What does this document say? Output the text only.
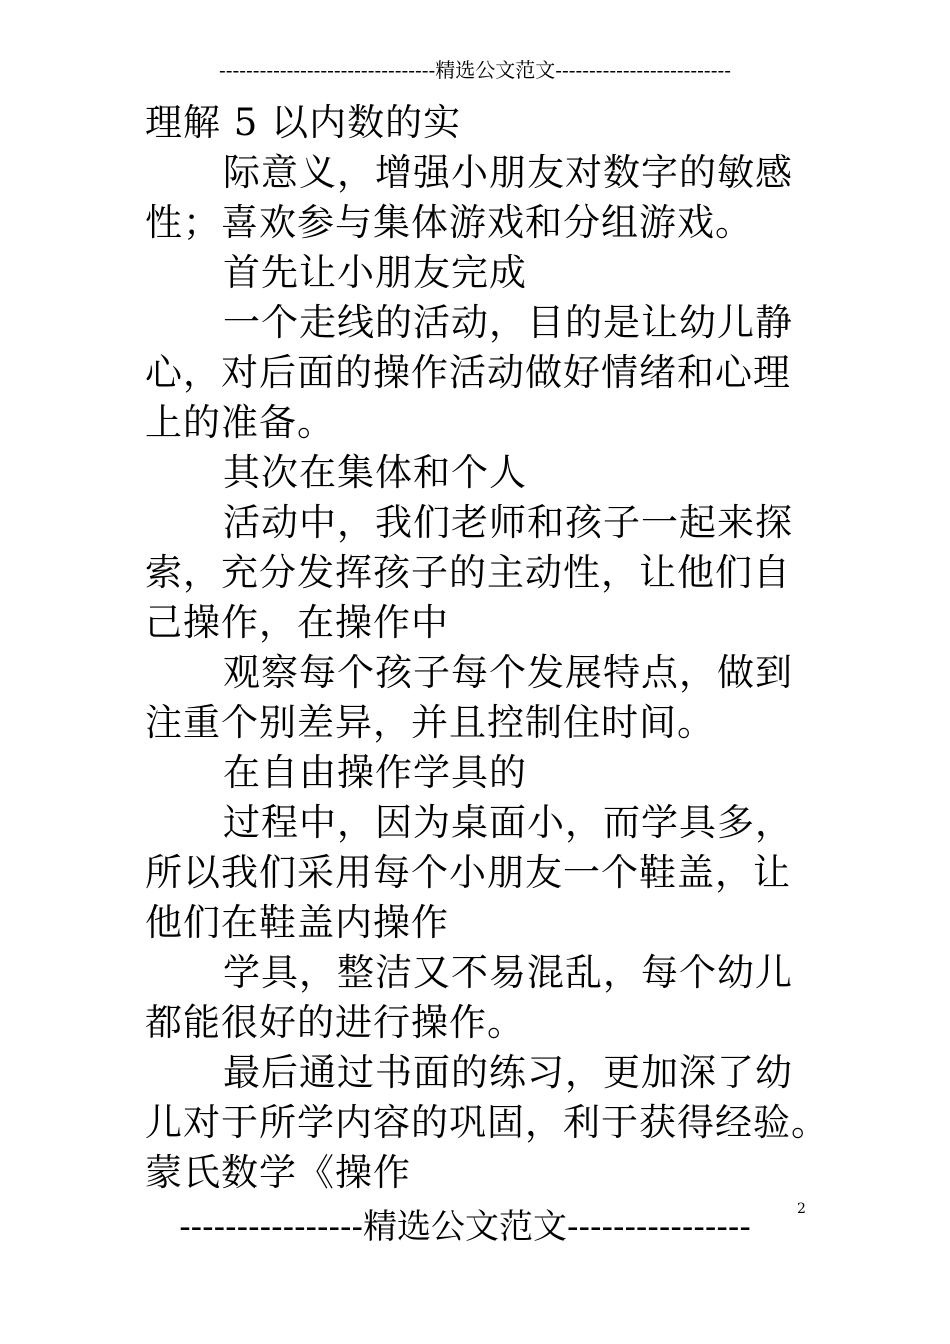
--------------------------------精选公文范文--------------------------
理解 5 以内数的实
际意义，增强小朋友对数字的敏感
性；喜欢参与集体游戏和分组游戏。
首先让小朋友完成
一个走线的活动，目的是让幼儿静
心，对后面的操作活动做好情绪和心理
上的准备。
其次在集体和个人
活动中，我们老师和孩子一起来探
索，充分发挥孩子的主动性，让他们自
己操作，在操作中
观察每个孩子每个发展特点，做到
注重个别差异，并且控制住时间。
在自由操作学具的
过程中，因为桌面小，而学具多，
所以我们采用每个小朋友一个鞋盖，让
他们在鞋盖内操作
学具，整洁又不易混乱，每个幼儿
都能很好的进行操作。
最后通过书面的练习，更加深了幼
儿对于所学内容的巩固，利于获得经验。
蒙氏数学《操作
----------------精选公文范文----------------	2
